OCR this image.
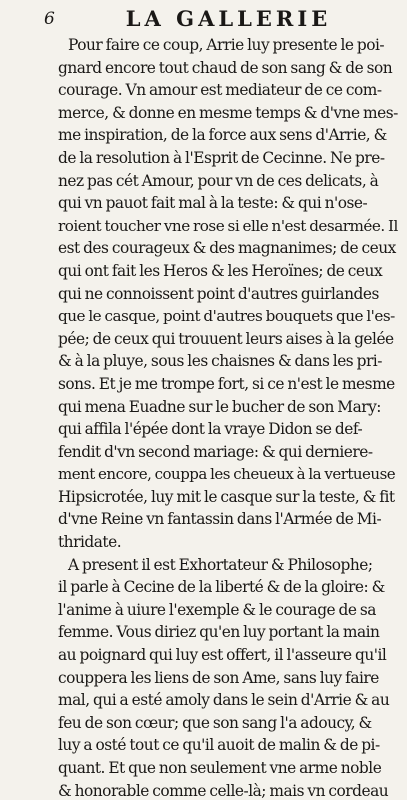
6	LA GALLERIE
Pour faire ce coup, Arrie luy presente le poi-
gnard encore tout chaud de son sang & de son
courage. Vn amour est mediateur de ce com-
merce, & donne en mesme temps & d'vne mes-
me inspiration, de la force aux sens d'Arrie, &
de la resolution à l'Esprit de Cecinne. Ne pre-
nez pas cét Amour, pour vn de ces delicats, à
qui vn pauot fait mal à la teste: & qui n'ose-
roient toucher vne rose si elle n'est desarmée. Il
est des courageux & des magnanimes; de ceux
qui ont fait les Heros & les Heroïnes; de ceux
qui ne connoissent point d'autres guirlandes
que le casque, point d'autres bouquets que l'es-
pée; de ceux qui trouuent leurs aises à la gelée
& à la pluye, sous les chaisnes & dans les pri-
sons. Et je me trompe fort, si ce n'est le mesme
qui mena Euadne sur le bucher de son Mary:
qui affila l'épée dont la vraye Didon se def-
fendit d'vn second mariage: & qui derniere-
ment encore, couppa les cheueux à la vertueuse
Hipsicrotée, luy mit le casque sur la teste, & fit
d'vne Reine vn fantassin dans l'Armée de Mi-
thridate.
A present il est Exhortateur & Philosophe;
il parle à Cecine de la liberté & de la gloire: &
l'anime à uiure l'exemple & le courage de sa
femme. Vous diriez qu'en luy portant la main
au poignard qui luy est offert, il l'asseure qu'il
couppera les liens de son Ame, sans luy faire
mal, qui a esté amoly dans le sein d'Arrie & au
feu de son cœur; que son sang l'a adoucy, &
luy a osté tout ce qu'il auoit de malin & de pi-
quant. Et que non seulement vne arme noble
& honorable comme celle-là; mais vn cordeau
